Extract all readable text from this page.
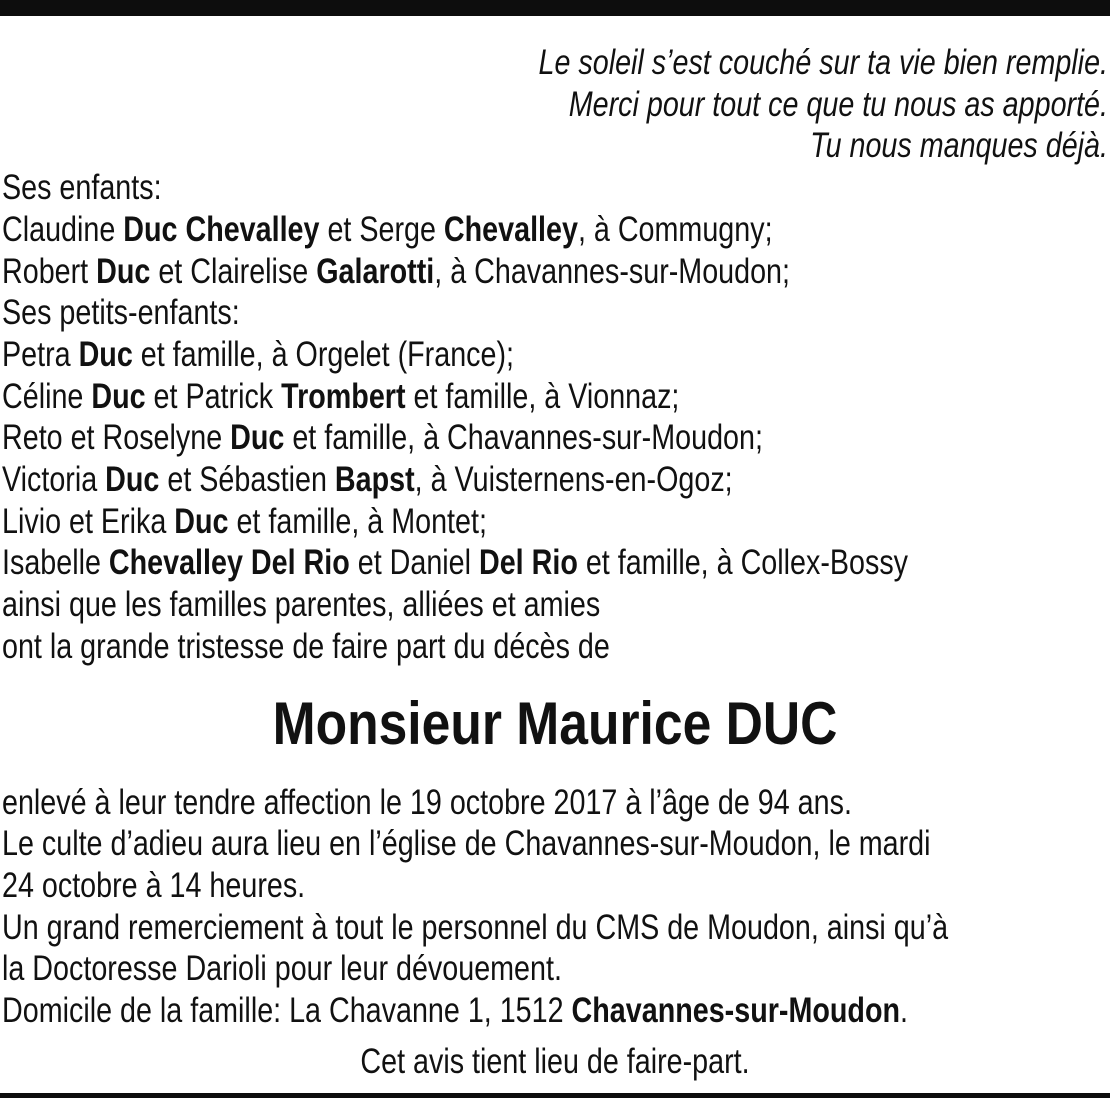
Le soleil s’est couché sur ta vie bien remplie.
Merci pour tout ce que tu nous as apporté.
Tu nous manques déjà.
Ses enfants:
Claudine Duc Chevalley et Serge Chevalley, à Commugny;
Robert Duc et Clairelise Galarotti, à Chavannes-sur-Moudon;
Ses petits-enfants:
Petra Duc et famille, à Orgelet (France);
Céline Duc et Patrick Trombert et famille, à Vionnaz;
Reto et Roselyne Duc et famille, à Chavannes-sur-Moudon;
Victoria Duc et Sébastien Bapst, à Vuisternens-en-Ogoz;
Livio et Erika Duc et famille, à Montet;
Isabelle Chevalley Del Rio et Daniel Del Rio et famille, à Collex-Bossy
ainsi que les familles parentes, alliées et amies
ont la grande tristesse de faire part du décès de
Monsieur Maurice DUC
enlevé à leur tendre affection le 19 octobre 2017 à l’âge de 94 ans.
Le culte d’adieu aura lieu en l’église de Chavannes-sur-Moudon, le mardi
24 octobre à 14 heures.
Un grand remerciement à tout le personnel du CMS de Moudon, ainsi qu’à
la Doctoresse Darioli pour leur dévouement.
Domicile de la famille: La Chavanne 1, 1512 Chavannes-sur-Moudon.
Cet avis tient lieu de faire-part.
